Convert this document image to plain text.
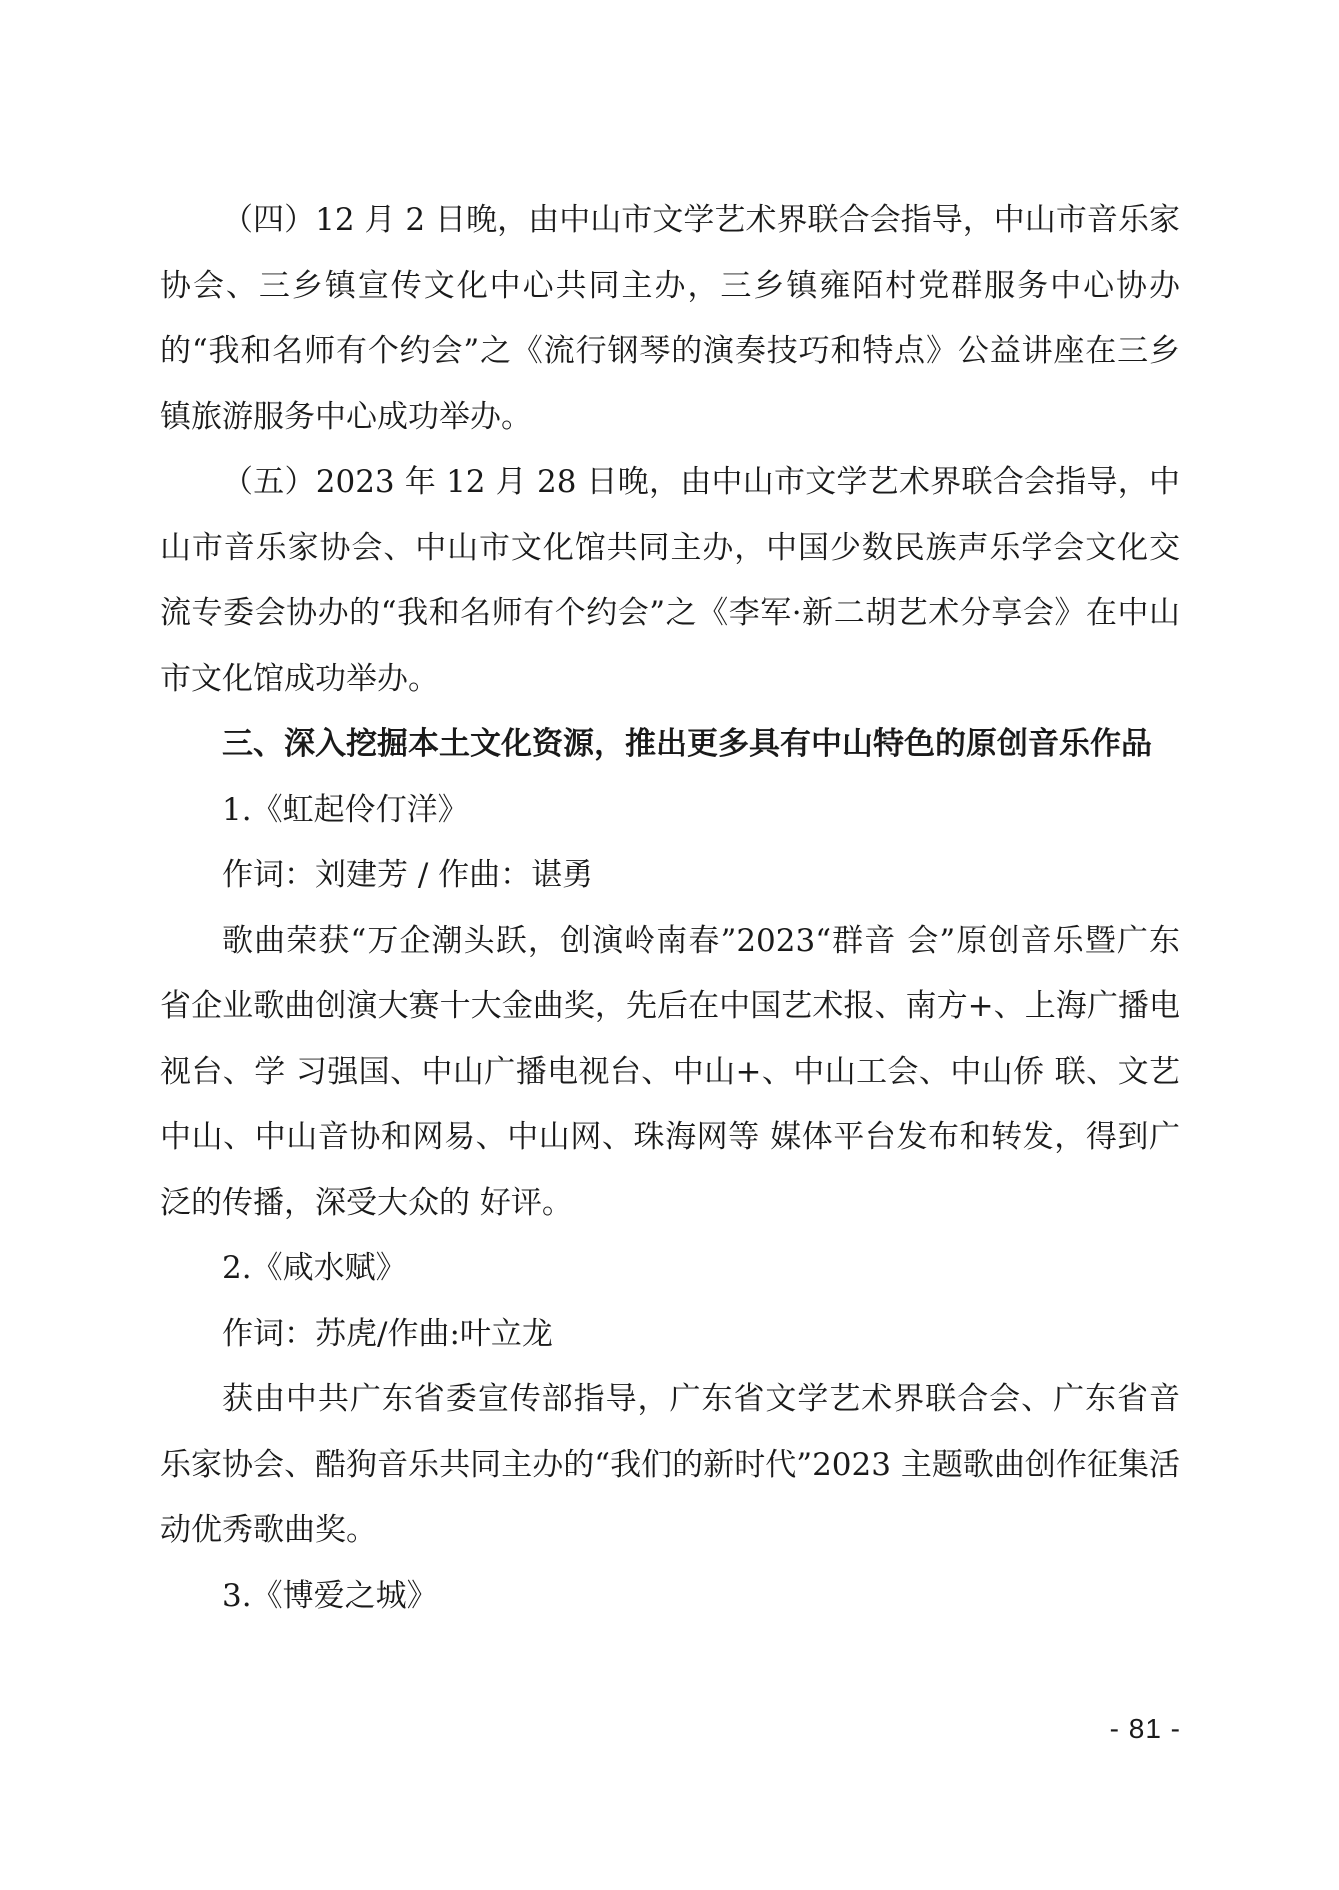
（四）12 月 2 日晚，由中山市文学艺术界联合会指导，中山市音乐家协会、三乡镇宣传文化中心共同主办，三乡镇雍陌村党群服务中心协办的“我和名师有个约会”之《流行钢琴的演奏技巧和特点》公益讲座在三乡镇旅游服务中心成功举办。

（五）2023 年 12 月 28 日晚，由中山市文学艺术界联合会指导，中山市音乐家协会、中山市文化馆共同主办，中国少数民族声乐学会文化交流专委会协办的“我和名师有个约会”之《李军·新二胡艺术分享会》在中山市文化馆成功举办。

三、深入挖掘本土文化资源，推出更多具有中山特色的原创音乐作品

1.《虹起伶仃洋》

作词：刘建芳 / 作曲：谌勇

歌曲荣获“万企潮头跃，创演岭南春”2023“群音 会”原创音乐暨广东省企业歌曲创演大赛十大金曲奖，先后在中国艺术报、南方+、上海广播电视台、学 习强国、中山广播电视台、中山+、中山工会、中山侨 联、文艺中山、中山音协和网易、中山网、珠海网等 媒体平台发布和转发，得到广泛的传播，深受大众的 好评。

2.《咸水赋》

作词：苏虎/作曲:叶立龙

获由中共广东省委宣传部指导，广东省文学艺术界联合会、广东省音乐家协会、酷狗音乐共同主办的“我们的新时代”2023 主题歌曲创作征集活动优秀歌曲奖。

3.《博爱之城》

- 81 -
